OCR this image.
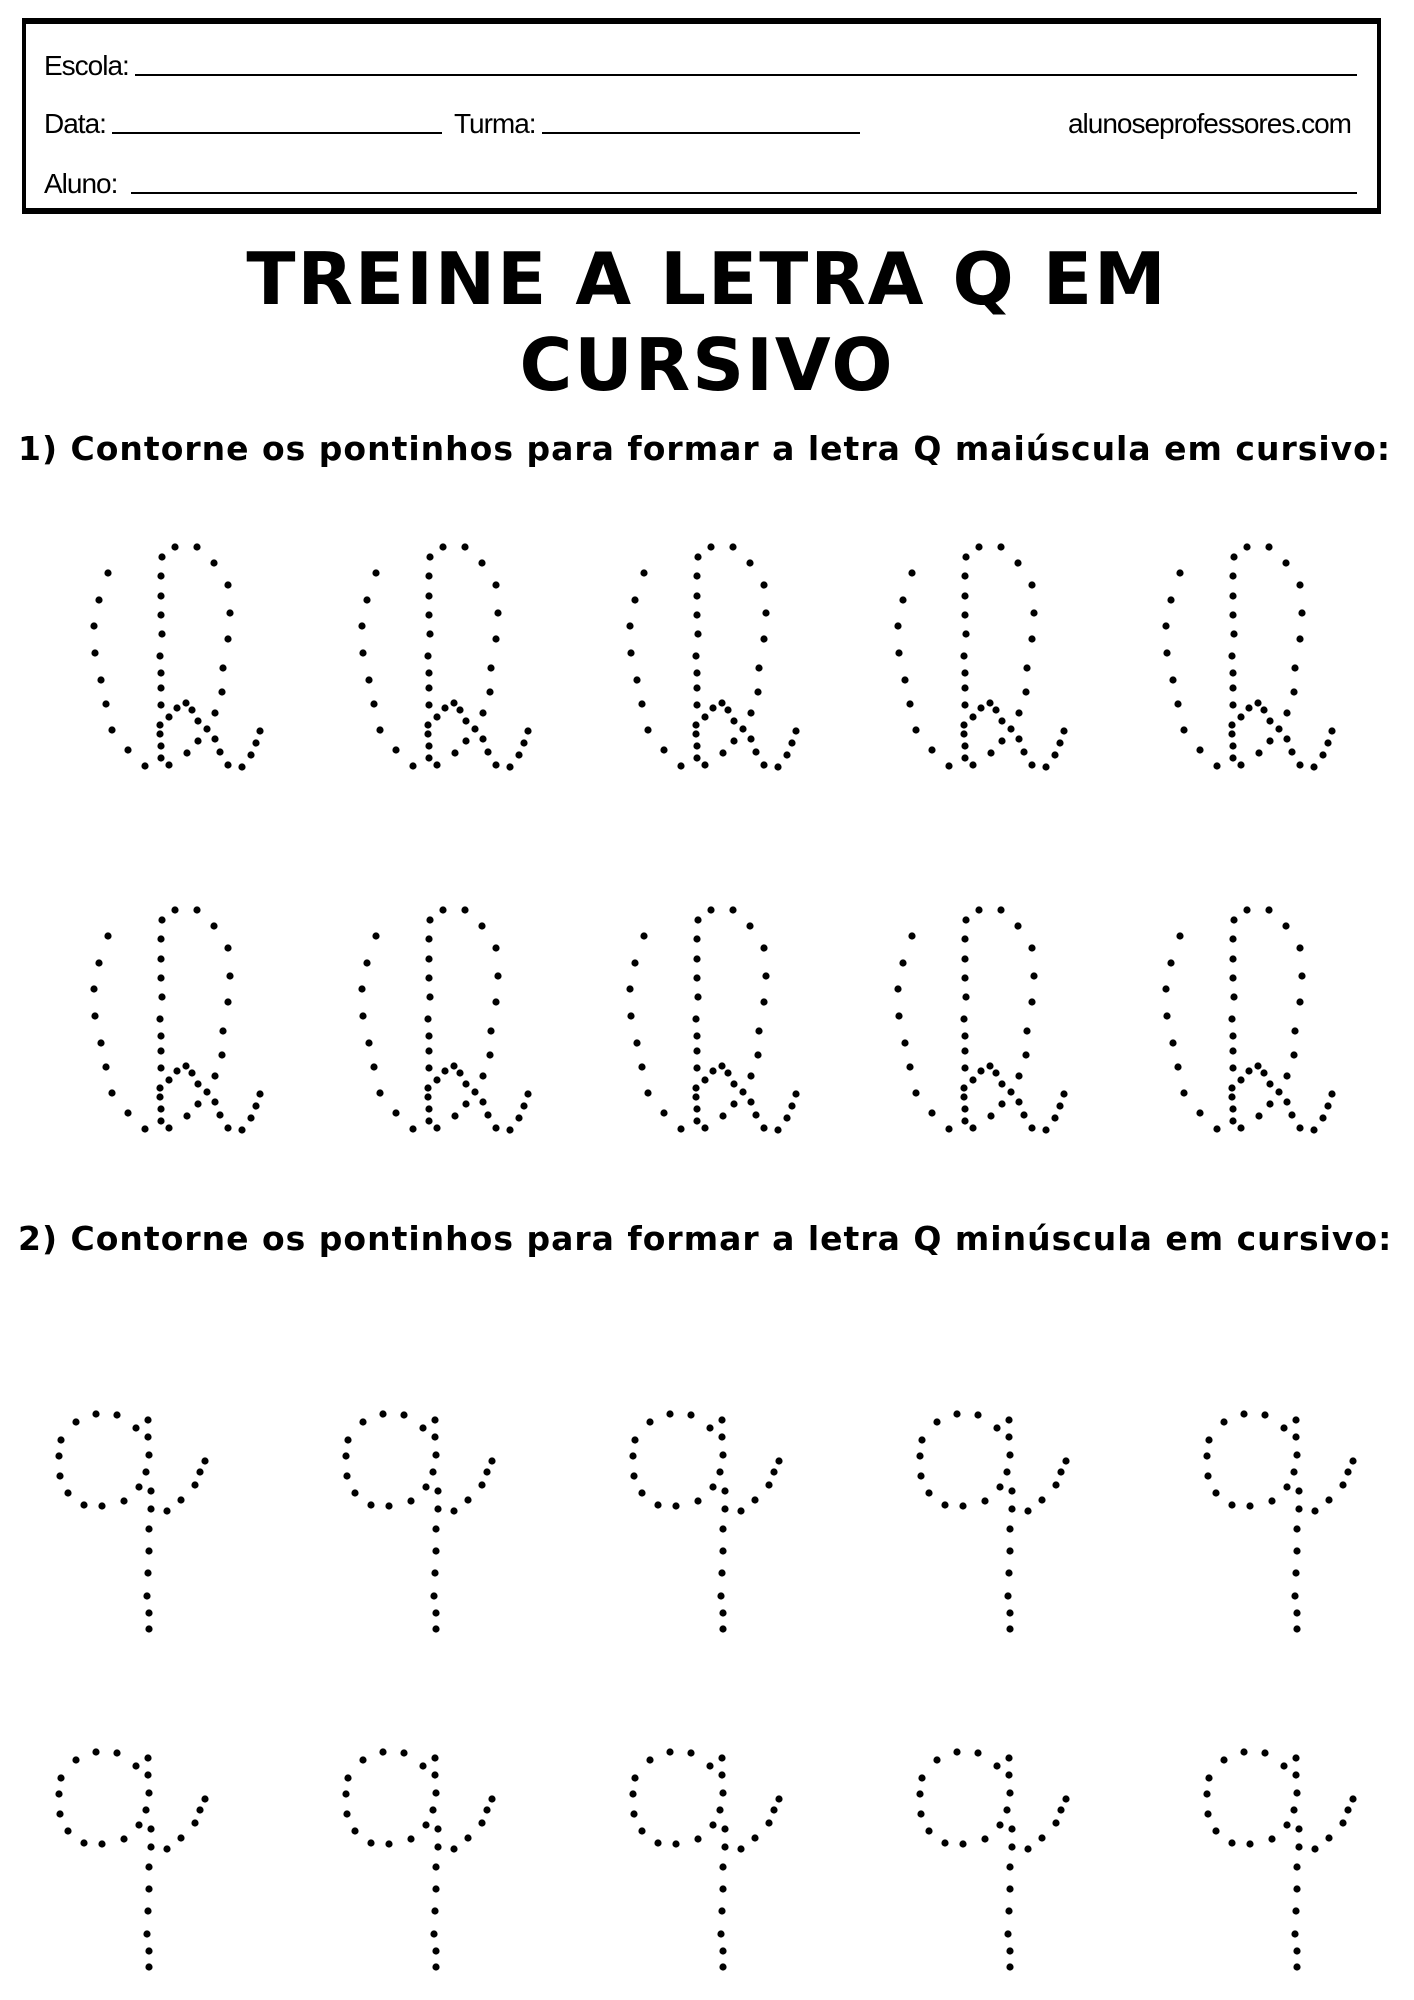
Escola:
Data:	Turma:	alunoseprofessores.com
Aluno:
TREINE A LETRA Q EM
CURSIVO
1) Contorne os pontinhos para formar a letra Q maiúscula em cursivo:
2) Contorne os pontinhos para formar a letra Q minúscula em cursivo:
